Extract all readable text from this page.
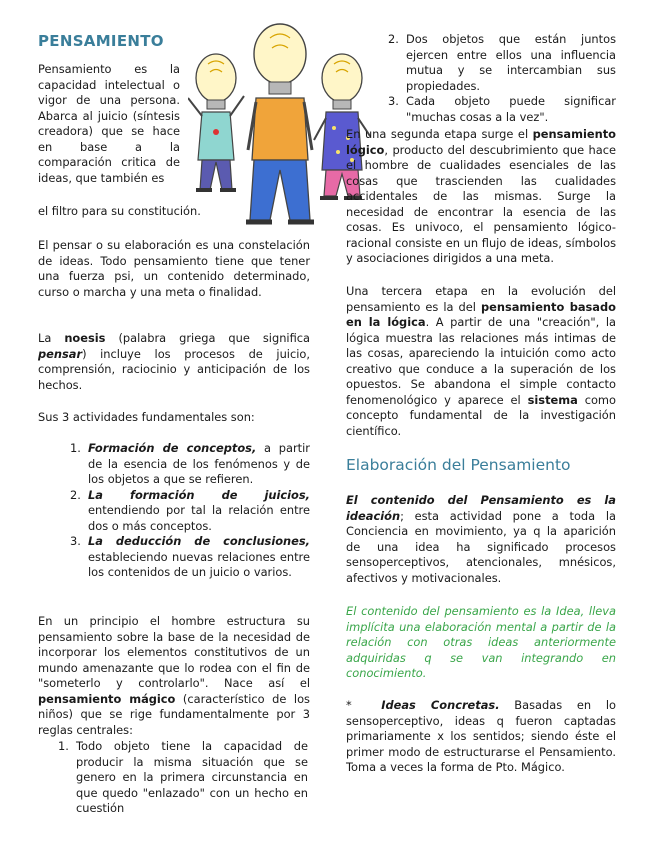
PENSAMIENTO

Pensamiento es la capacidad intelectual o vigor de una persona. Abarca al juicio (síntesis creadora) que se hace en base a la comparación critica de ideas, que también es

el filtro para su constitución.

El pensar o su elaboración es una constelación de ideas. Todo pensamiento tiene que tener una fuerza psi, un contenido determinado, curso o marcha y una meta o finalidad.

La noesis (palabra griega que significa pensar) incluye los procesos de juicio, comprensión, raciocinio y anticipación de los hechos.

Sus 3 actividades fundamentales son:

1. Formación de conceptos, a partir de la esencia de los fenómenos y de los objetos a que se refieren.
2. La formación de juicios, entendiendo por tal la relación entre dos o más conceptos.
3. La deducción de conclusiones, estableciendo nuevas relaciones entre los contenidos de un juicio o varios.

En un principio el hombre estructura su pensamiento sobre la base de la necesidad de incorporar los elementos constitutivos de un mundo amenazante que lo rodea con el fin de "someterlo y controlarlo". Nace así el pensamiento mágico (característico de los niños) que se rige fundamentalmente por 3 reglas centrales:

1. Todo objeto tiene la capacidad de producir la misma situación que se genero en la primera circunstancia en que quedo "enlazado" con un hecho en cuestión
2. Dos objetos que están juntos ejercen entre ellos una influencia mutua y se intercambian sus propiedades.
3. Cada objeto puede significar "muchas cosas a la vez".

En una segunda etapa surge el pensamiento lógico, producto del descubrimiento que hace el hombre de cualidades esenciales de las cosas que trascienden las cualidades accidentales de las mismas. Surge la necesidad de encontrar la esencia de las cosas. Es univoco, el pensamiento lógico-racional consiste en un flujo de ideas, símbolos y asociaciones dirigidos a una meta.

Una tercera etapa en la evolución del pensamiento es la del pensamiento basado en la lógica. A partir de una "creación", la lógica muestra las relaciones más intimas de las cosas, apareciendo la intuición como acto creativo que conduce a la superación de los opuestos. Se abandona el simple contacto fenomenológico y aparece el sistema como concepto fundamental de la investigación científico.

Elaboración del Pensamiento

El contenido del Pensamiento es la ideación; esta actividad pone a toda la Conciencia en movimiento, ya q la aparición de una idea ha significado procesos sensoperceptivos, atencionales, mnésicos, afectivos y motivacionales.

El contenido del pensamiento es la Idea, lleva implícita una elaboración mental a partir de la relación con otras ideas anteriormente adquiridas q se van integrando en conocimiento.

*	Ideas Concretas. Basadas en lo sensoperceptivo, ideas q fueron captadas primariamente x los sentidos; siendo éste el primer modo de estructurarse el Pensamiento. Toma a veces la forma de Pto. Mágico.
